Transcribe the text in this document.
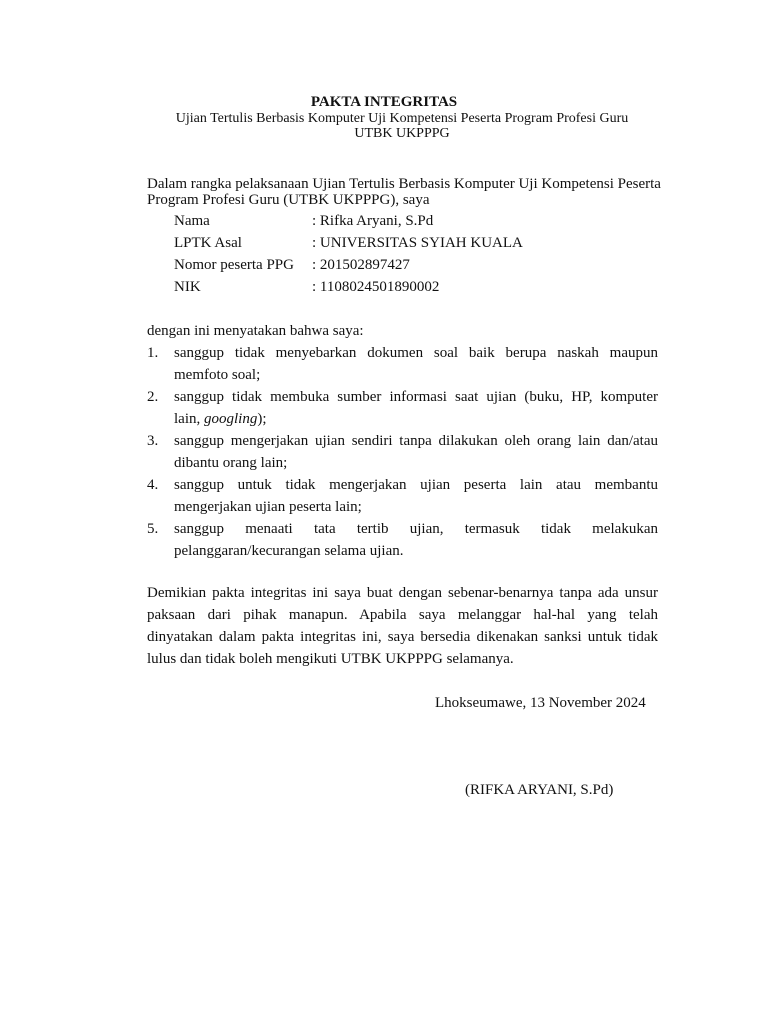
PAKTA INTEGRITAS
Ujian Tertulis Berbasis Komputer Uji Kompetensi Peserta Program Profesi Guru
UTBK UKPPPG
Dalam rangka pelaksanaan Ujian Tertulis Berbasis Komputer Uji Kompetensi Peserta
Program Profesi Guru (UTBK UKPPPG), saya
Nama	: Rifka Aryani, S.Pd
LPTK Asal	: UNIVERSITAS SYIAH KUALA
Nomor peserta PPG : 201502897427
NIK	: 1108024501890002
dengan ini menyatakan bahwa saya:
1. sanggup tidak menyebarkan dokumen soal baik berupa naskah maupun
memfoto soal;
2. sanggup tidak membuka sumber informasi saat ujian (buku, HP, komputer
lain, googling);
3. sanggup mengerjakan ujian sendiri tanpa dilakukan oleh orang lain dan/atau
dibantu orang lain;
4. sanggup untuk tidak mengerjakan ujian peserta lain atau membantu
mengerjakan ujian peserta lain;
5. sanggup menaati tata tertib ujian, termasuk tidak melakukan
pelanggaran/kecurangan selama ujian.
Demikian pakta integritas ini saya buat dengan sebenar-benarnya tanpa ada unsur
paksaan dari pihak manapun. Apabila saya melanggar hal-hal yang telah
dinyatakan dalam pakta integritas ini, saya bersedia dikenakan sanksi untuk tidak
lulus dan tidak boleh mengikuti UTBK UKPPPG selamanya.
Lhokseumawe, 13 November 2024
(RIFKA ARYANI, S.Pd)
